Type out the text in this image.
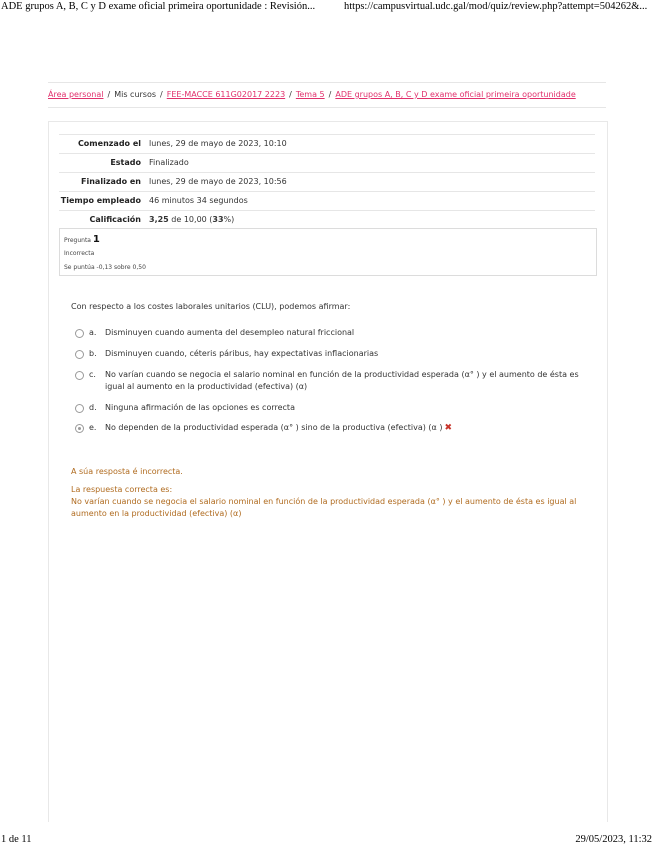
ADE grupos A, B, C y D exame oficial primeira oportunidade : Revisión...	https://campusvirtual.udc.gal/mod/quiz/review.php?attempt=504262&...
Área personal / Mis cursos / FEE-MACCE 611G02017 2223 / Tema 5 / ADE grupos A, B, C y D exame oficial primeira oportunidade
Comenzado el	lunes, 29 de mayo de 2023, 10:10
Estado	Finalizado
Finalizado en	lunes, 29 de mayo de 2023, 10:56
Tiempo empleado	46 minutos 34 segundos
Calificación	3,25 de 10,00 (33%)
Pregunta 1
Incorrecta
Se puntúa -0,13 sobre 0,50
Con respecto a los costes laborales unitarios (CLU), podemos afirmar:
a.	Disminuyen cuando aumenta del desempleo natural friccional
b.	Disminuyen cuando, céteris páribus, hay expectativas inflacionarias
c.	No varían cuando se negocia el salario nominal en función de la productividad esperada (α° ) y el aumento de ésta es igual al aumento en la productividad (efectiva) (α)
d.	Ninguna afirmación de las opciones es correcta
e.	No dependen de la productividad esperada (α° ) sino de la productiva (efectiva) (α ) ✖

A súa resposta é incorrecta.

La respuesta correcta es:

No varían cuando se negocia el salario nominal en función de la productividad esperada (α° ) y el aumento de ésta es igual al aumento en la productividad (efectiva) (α)

1 de 11	29/05/2023, 11:32
